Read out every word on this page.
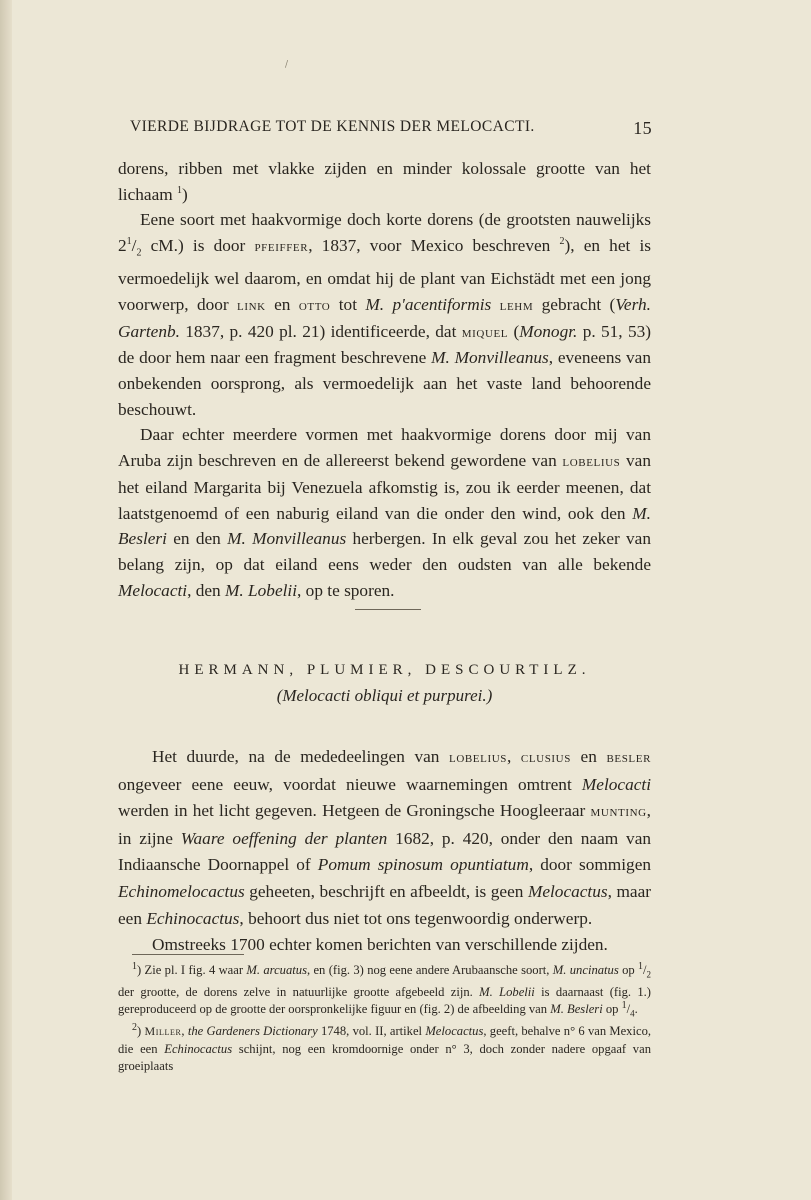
/
VIERDE BIJDRAGE TOT DE KENNIS DER MELOCACTI.	15

dorens, ribben met vlakke zijden en minder kolossale grootte van het lichaam $^1$)

Eene soort met haakvormige doch korte dorens (de grootsten nauwelijks $2^1/_2$ cM.) is door pfeiffer, 1837, voor Mexico beschreven $^2$), en het is vermoedelijk wel daarom, en omdat hij de plant van Eichstädt met een jong voorwerp, door link en otto tot M. p'acentiformis lehm gebracht (Verh. Gartenb. 1837, p. 420 pl. 21) identificeerde, dat miquel (Monogr. p. 51, 53) de door hem naar een fragment beschrevene M. Monvilleanus, eveneens van onbekenden oorsprong, als vermoedelijk aan het vaste land behoorende beschouwt.

Daar echter meerdere vormen met haakvormige dorens door mij van Aruba zijn beschreven en de allereerst bekend gewordene van lobelius van het eiland Margarita bij Venezuela afkomstig is, zou ik eerder meenen, dat laatstgenoemd of een naburig eiland van die onder den wind, ook den M. Besleri en den M. Monvilleanus herbergen. In elk geval zou het zeker van belang zijn, op dat eiland eens weder den oudsten van alle bekende Melocacti, den M. Lobelii, op te sporen.

HERMANN, PLUMIER, DESCOURTILZ.
(Melocacti obliqui et purpurei.)

Het duurde, na de mededeelingen van lobelius, clusius en besler ongeveer eene eeuw, voordat nieuwe waarnemingen omtrent Melocacti werden in het licht gegeven. Hetgeen de Groningsche Hoogleeraar munting, in zijne Waare oeffening der planten 1682, p. 420, onder den naam van Indiaansche Doornappel of Pomum spinosum opuntiatum, door sommigen Echinomelocactus geheeten, beschrijft en afbeeldt, is geen Melocactus, maar een Echinocactus, behoort dus niet tot ons tegenwoordig onderwerp.

Omstreeks 1700 echter komen berichten van verschillende zijden.

$^1$) Zie pl. I fig. 4 waar M. arcuatus, en (fig. 3) nog eene andere Arubaansche soort, M. uncinatus op $^1/_2$ der grootte, de dorens zelve in natuurlijke grootte afgebeeld zijn. M. Lobelii is daarnaast (fig. 1.) gereproduceerd op de grootte der oorspronkelijke figuur en (fig. 2) de afbeelding van M. Besleri op $^1/_4$.

$^2$) Miller, the Gardeners Dictionary 1748, vol. II, artikel Melocactus, geeft, behalve n° 6 van Mexico, die een Echinocactus schijnt, nog een kromdoornige onder n° 3, doch zonder nadere opgaaf van groeiplaats
